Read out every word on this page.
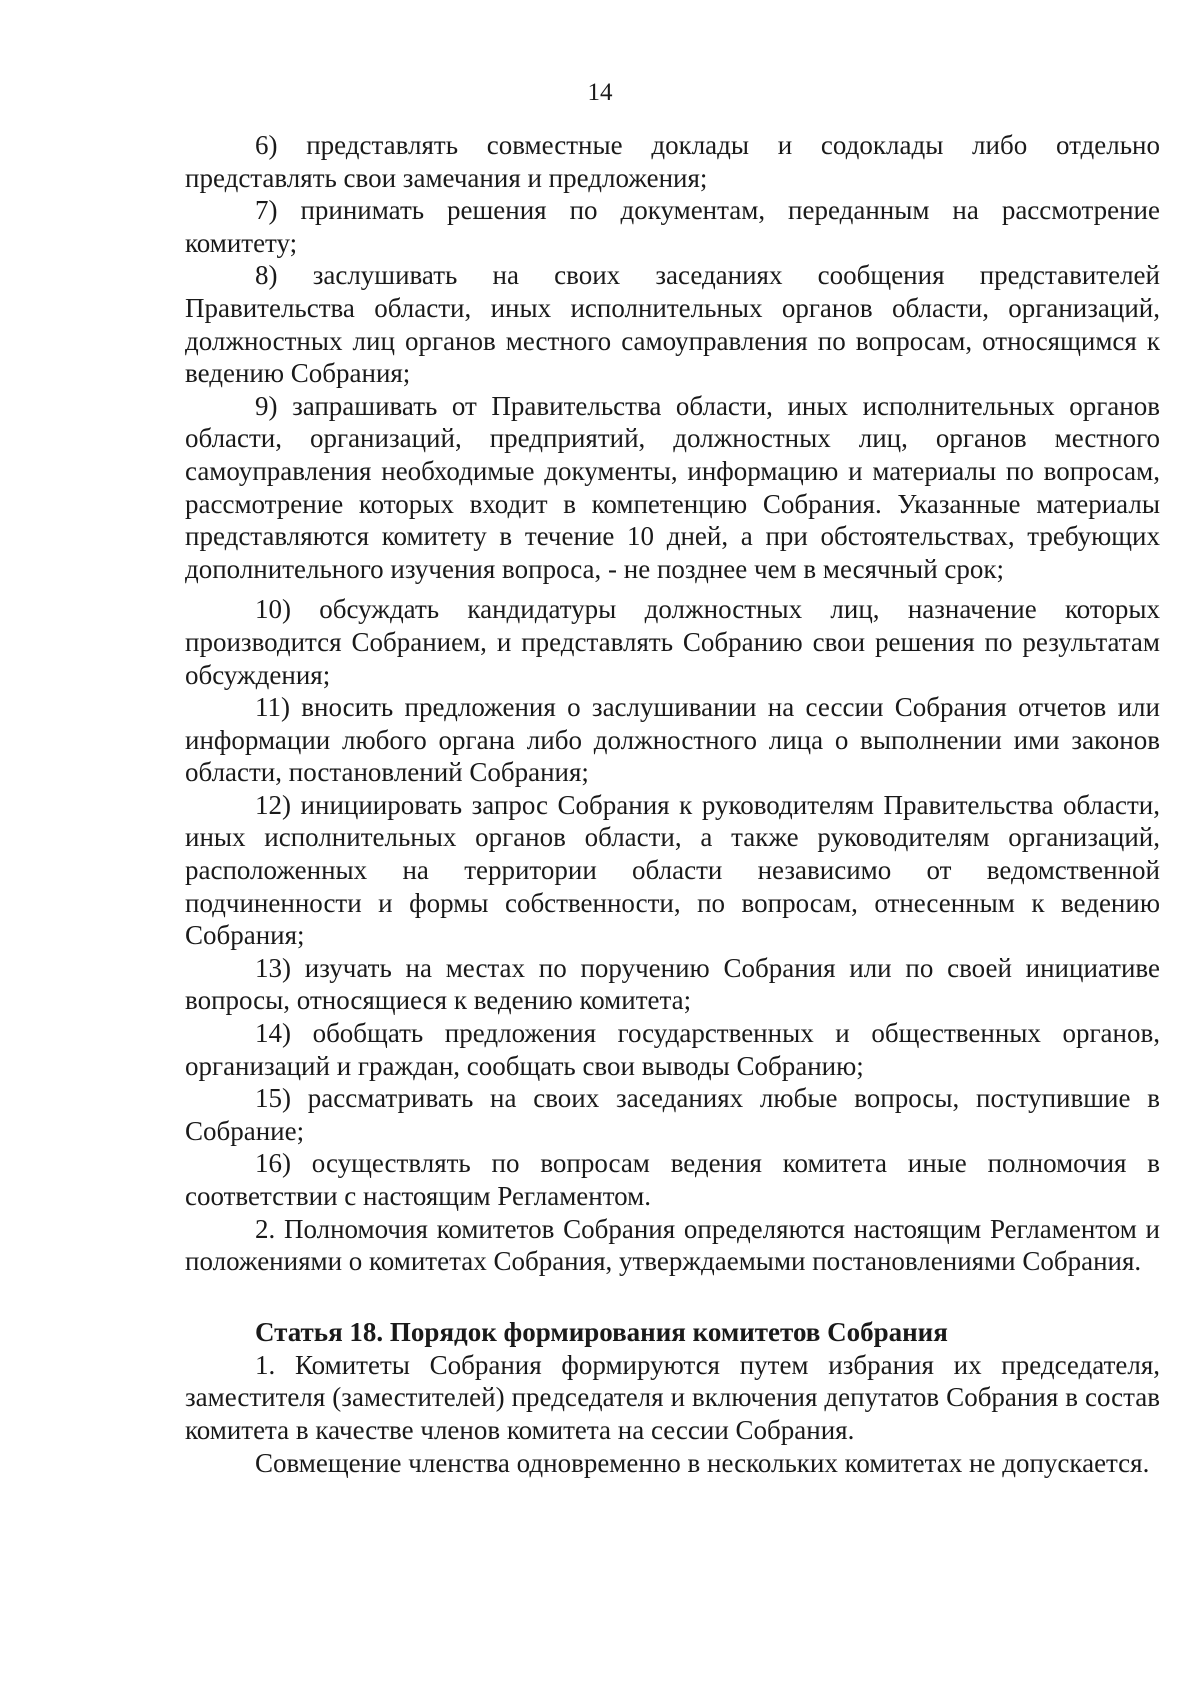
14

6) представлять совместные доклады и содоклады либо отдельно представлять свои замечания и предложения;

7) принимать решения по документам, переданным на рассмотрение комитету;

8) заслушивать на своих заседаниях сообщения представителей Правительства области, иных исполнительных органов области, организаций, должностных лиц органов местного самоуправления по вопросам, относящимся к ведению Собрания;

9) запрашивать от Правительства области, иных исполнительных органов области, организаций, предприятий, должностных лиц, органов местного самоуправления необходимые документы, информацию и материалы по вопросам, рассмотрение которых входит в компетенцию Собрания. Указанные материалы представляются комитету в течение 10 дней, а при обстоятельствах, требующих дополнительного изучения вопроса, - не позднее чем в месячный срок;

10) обсуждать кандидатуры должностных лиц, назначение которых производится Собранием, и представлять Собранию свои решения по результатам обсуждения;

11) вносить предложения о заслушивании на сессии Собрания отчетов или информации любого органа либо должностного лица о выполнении ими законов области, постановлений Собрания;

12) инициировать запрос Собрания к руководителям Правительства области, иных исполнительных органов области, а также руководителям организаций, расположенных на территории области независимо от ведомственной подчиненности и формы собственности, по вопросам, отнесенным к ведению Собрания;

13) изучать на местах по поручению Собрания или по своей инициативе вопросы, относящиеся к ведению комитета;

14) обобщать предложения государственных и общественных органов, организаций и граждан, сообщать свои выводы Собранию;

15) рассматривать на своих заседаниях любые вопросы, поступившие в Собрание;

16) осуществлять по вопросам ведения комитета иные полномочия в соответствии с настоящим Регламентом.

2. Полномочия комитетов Собрания определяются настоящим Регламентом и положениями о комитетах Собрания, утверждаемыми постановлениями Собрания.

Статья 18. Порядок формирования комитетов Собрания

1. Комитеты Собрания формируются путем избрания их председателя, заместителя (заместителей) председателя и включения депутатов Собрания в состав комитета в качестве членов комитета на сессии Собрания.

Совмещение членства одновременно в нескольких комитетах не допускается.
